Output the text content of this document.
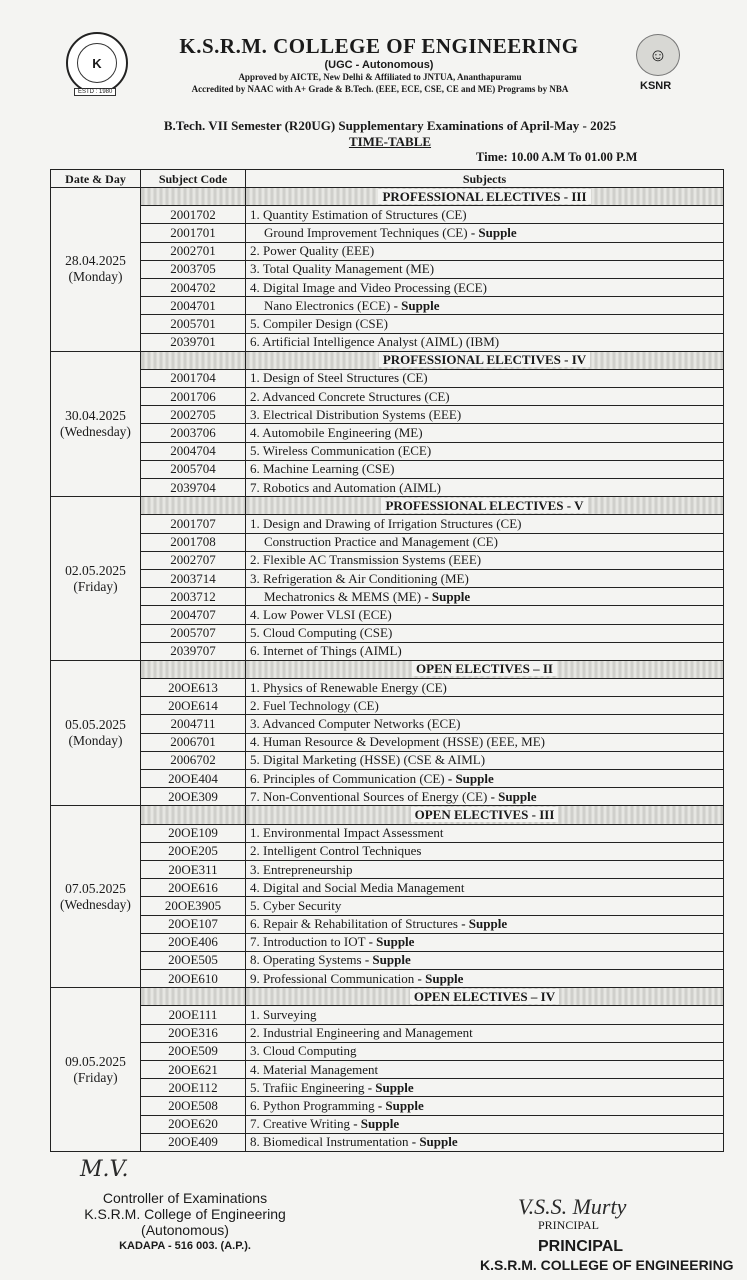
K
ESTD : 1980
K.S.R.M. COLLEGE OF ENGINEERING
(UGC - Autonomous)
Approved by AICTE, New Delhi & Affiliated to JNTUA, Ananthapuramu
Accredited by NAAC with A+ Grade & B.Tech. (EEE, ECE, CSE, CE and ME) Programs by NBA
☺
KSNR
B.Tech. VII Semester (R20UG) Supplementary Examinations of April-May - 2025
TIME-TABLE
Time: 10.00 A.M To 01.00 P.M
Date & Day	Subject Code	Subjects

28.04.2025
(Monday)		PROFESSIONAL ELECTIVES - III
	2001702	1. Quantity Estimation of Structures (CE)
	2001701	Ground Improvement Techniques (CE) - Supple
	2002701	2. Power Quality (EEE)
	2003705	3. Total Quality Management (ME)
	2004702	4. Digital Image and Video Processing (ECE)
	2004701	Nano Electronics (ECE) - Supple
	2005701	5. Compiler Design (CSE)
	2039701	6. Artificial Intelligence Analyst (AIML) (IBM)

30.04.2025
(Wednesday)		PROFESSIONAL ELECTIVES - IV
	2001704	1. Design of Steel Structures (CE)
	2001706	2. Advanced Concrete Structures (CE)
	2002705	3. Electrical Distribution Systems (EEE)
	2003706	4. Automobile Engineering (ME)
	2004704	5. Wireless Communication (ECE)
	2005704	6. Machine Learning (CSE)
	2039704	7. Robotics and Automation (AIML)

02.05.2025
(Friday)		PROFESSIONAL ELECTIVES - V
	2001707	1. Design and Drawing of Irrigation Structures (CE)
	2001708	Construction Practice and Management (CE)
	2002707	2. Flexible AC Transmission Systems (EEE)
	2003714	3. Refrigeration & Air Conditioning (ME)
	2003712	Mechatronics & MEMS (ME) - Supple
	2004707	4. Low Power VLSI (ECE)
	2005707	5. Cloud Computing (CSE)
	2039707	6. Internet of Things (AIML)

05.05.2025
(Monday)		OPEN ELECTIVES – II
	20OE613	1. Physics of Renewable Energy (CE)
	20OE614	2. Fuel Technology (CE)
	2004711	3. Advanced Computer Networks (ECE)
	2006701	4. Human Resource & Development (HSSE) (EEE, ME)
	2006702	5. Digital Marketing (HSSE) (CSE & AIML)
	20OE404	6. Principles of Communication (CE) - Supple
	20OE309	7. Non-Conventional Sources of Energy (CE) - Supple

07.05.2025
(Wednesday)		OPEN ELECTIVES - III
	20OE109	1. Environmental Impact Assessment
	20OE205	2. Intelligent Control Techniques
	20OE311	3. Entrepreneurship
	20OE616	4. Digital and Social Media Management
	20OE3905	5. Cyber Security
	20OE107	6. Repair & Rehabilitation of Structures - Supple
	20OE406	7. Introduction to IOT - Supple
	20OE505	8. Operating Systems - Supple
	20OE610	9. Professional Communication - Supple

09.05.2025
(Friday)		OPEN ELECTIVES – IV
	20OE111	1. Surveying
	20OE316	2. Industrial Engineering and Management
	20OE509	3. Cloud Computing
	20OE621	4. Material Management
	20OE112	5. Trafiic Engineering - Supple
	20OE508	6. Python Programming - Supple
	20OE620	7. Creative Writing - Supple
	20OE409	8. Biomedical Instrumentation - Supple
M.V.
Controller of Examinations
K.S.R.M. College of Engineering
(Autonomous)
KADAPA - 516 003. (A.P.).
V.S.S. Murty
PRINCIPAL
PRINCIPAL
K.S.R.M. COLLEGE OF ENGINEERING
